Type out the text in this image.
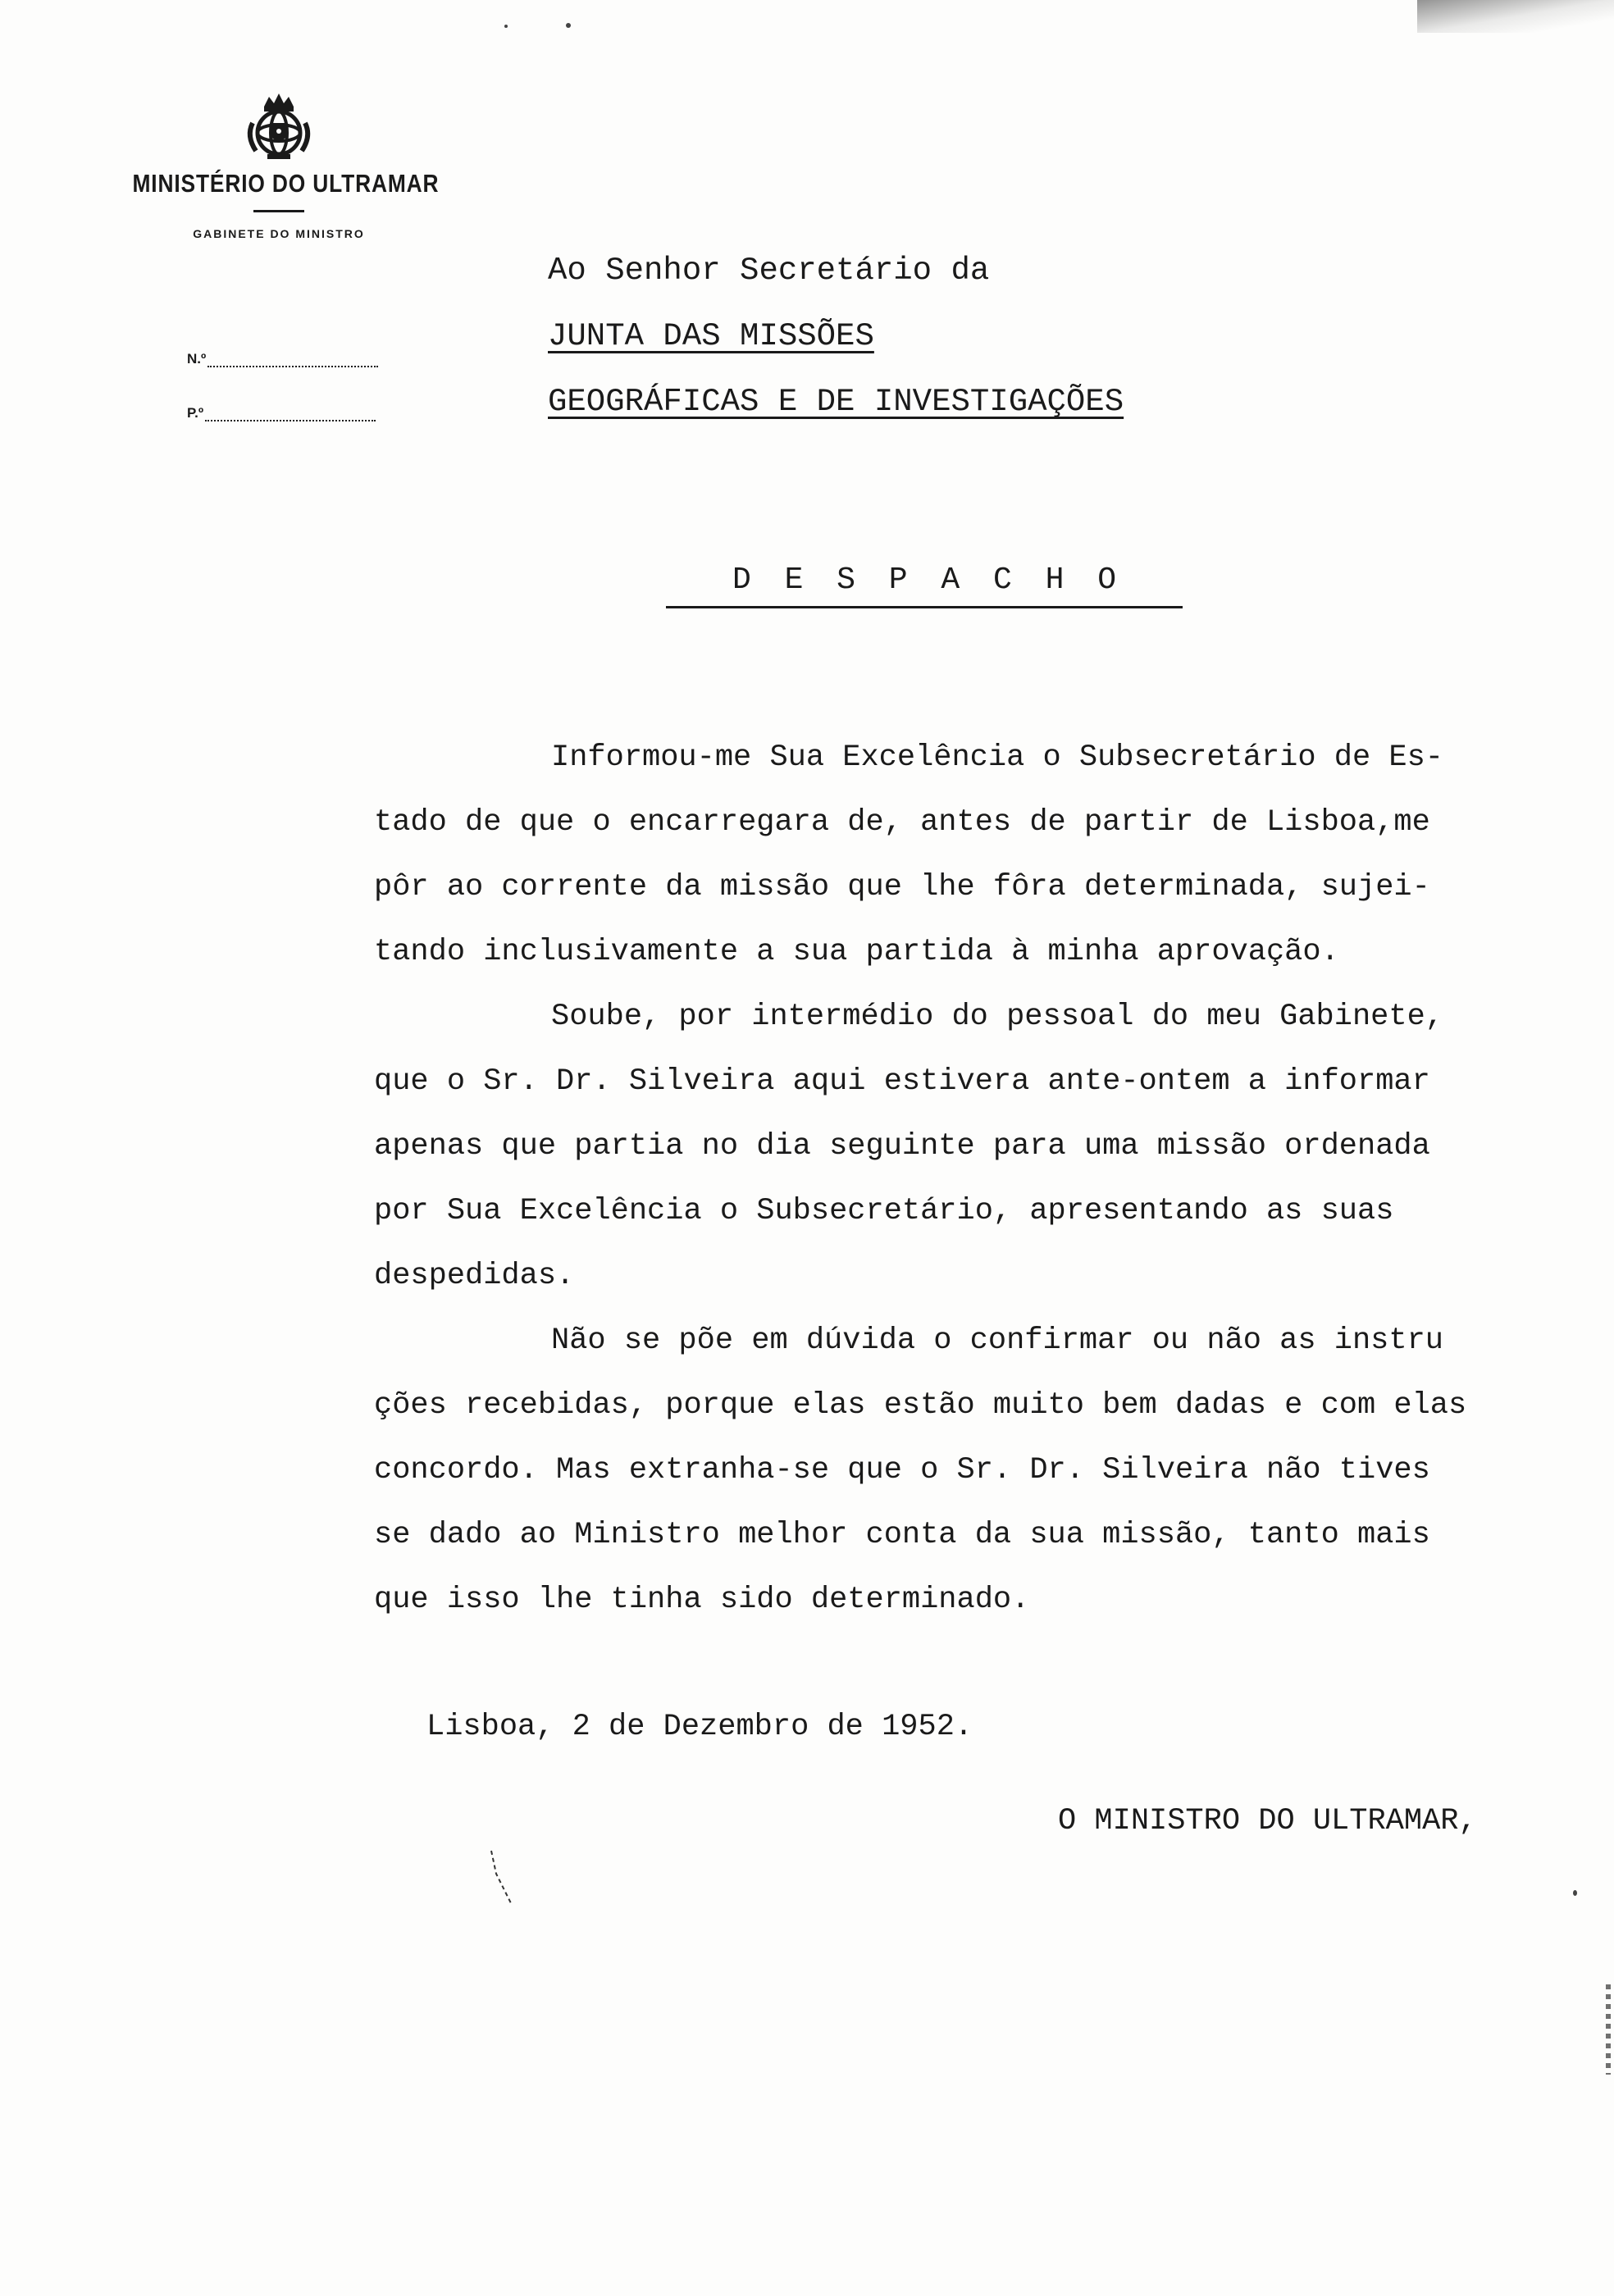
MINISTÉRIO DO ULTRAMAR
GABINETE DO MINISTRO
N.º
P.º
Ao Senhor Secretário da
JUNTA DAS MISSÕES
GEOGRÁFICAS E DE INVESTIGAÇÕES
D E S P A C H O

Informou-me Sua Excelência o Subsecretário de Es-
tado de que o encarregara de, antes de partir de Lisboa,me
pôr ao corrente da missão que lhe fôra determinada, sujei-
tando inclusivamente a sua partida à minha aprovação.

Soube, por intermédio do pessoal do meu Gabinete,
que o Sr. Dr. Silveira aqui estivera ante-ontem a informar
apenas que partia no dia seguinte para uma missão ordenada
por Sua Excelência o Subsecretário, apresentando as suas
despedidas.

Não se põe em dúvida o confirmar ou não as instru
ções recebidas, porque elas estão muito bem dadas e com elas
concordo. Mas extranha-se que o Sr. Dr. Silveira não tives
se dado ao Ministro melhor conta da sua missão, tanto mais
que isso lhe tinha sido determinado.

Lisboa, 2 de Dezembro de 1952.
O MINISTRO DO ULTRAMAR,
